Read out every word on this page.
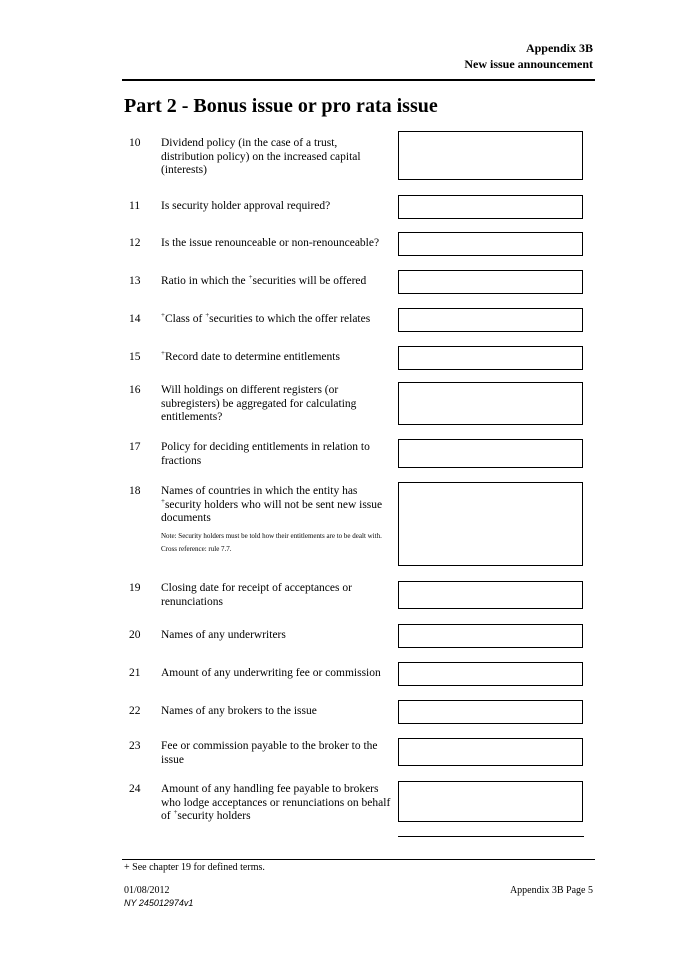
Appendix 3B
New issue announcement
Part 2 - Bonus issue or pro rata issue
10 Dividend policy (in the case of a trust, distribution policy) on the increased capital (interests)
11 Is security holder approval required?
12 Is the issue renounceable or non-renounceable?
13 Ratio in which the +securities will be offered
14	+Class of +securities to which the offer relates
15	+Record date to determine entitlements
16 Will holdings on different registers (or subregisters) be aggregated for calculating entitlements?
17 Policy for deciding entitlements in relation to fractions
18 Names of countries in which the entity has +security holders who will not be sent new issue documents
Note: Security holders must be told how their entitlements are to be dealt with.
Cross reference: rule 7.7.
19 Closing date for receipt of acceptances or renunciations
20 Names of any underwriters
21 Amount of any underwriting fee or commission
22 Names of any brokers to the issue
23 Fee or commission payable to the broker to the issue
24 Amount of any handling fee payable to brokers who lodge acceptances or renunciations on behalf of +security holders
+ See chapter 19 for defined terms.
01/08/2012
NY 245012974v1
Appendix 3B Page 5
